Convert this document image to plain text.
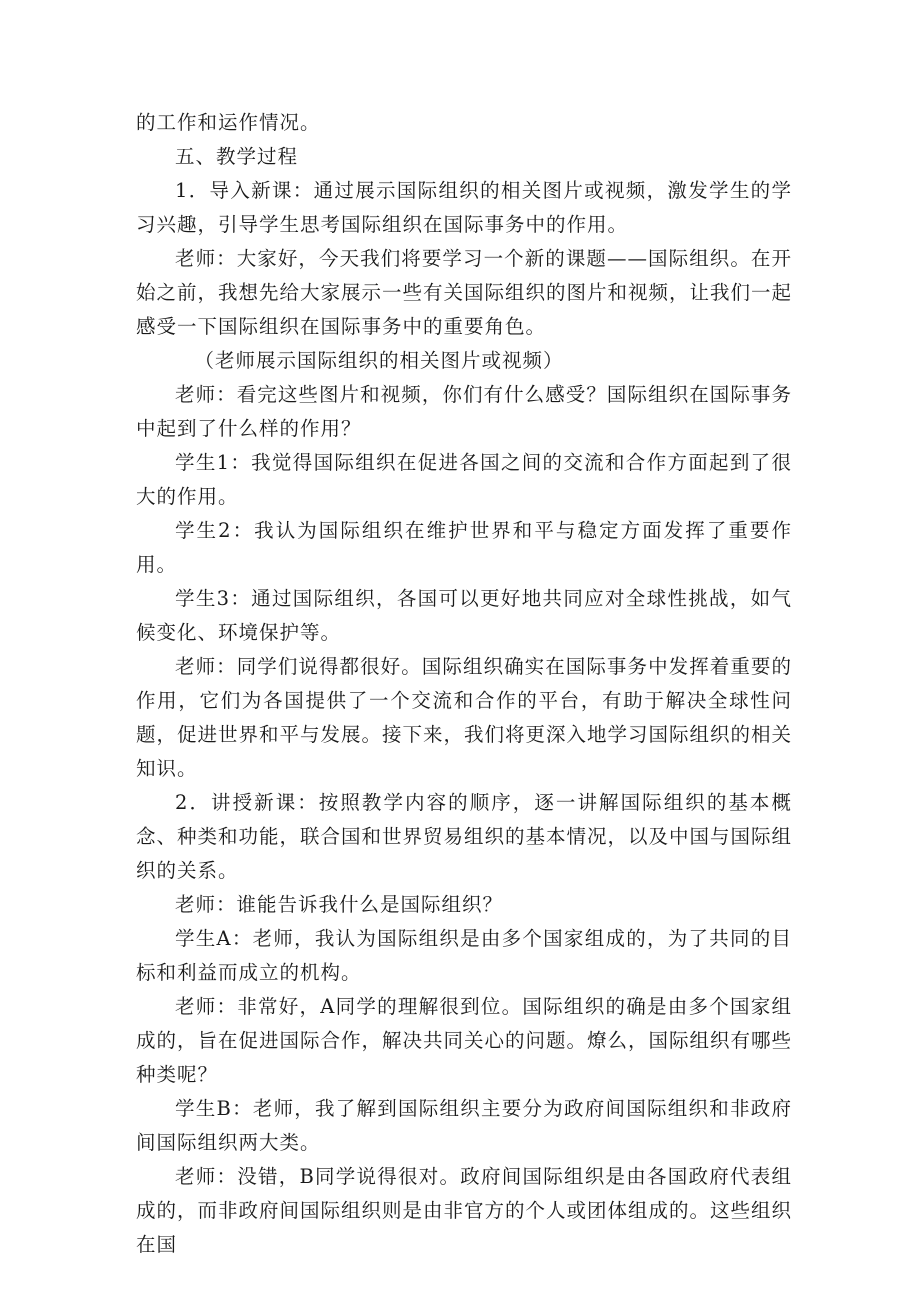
的工作和运作情况。

五、教学过程

1．导入新课：通过展示国际组织的相关图片或视频，激发学生的学习兴趣，引导学生思考国际组织在国际事务中的作用。

老师：大家好，今天我们将要学习一个新的课题——国际组织。在开始之前，我想先给大家展示一些有关国际组织的图片和视频，让我们一起感受一下国际组织在国际事务中的重要角色。

（老师展示国际组织的相关图片或视频）

老师：看完这些图片和视频，你们有什么感受？国际组织在国际事务中起到了什么样的作用？

学生1：我觉得国际组织在促进各国之间的交流和合作方面起到了很大的作用。

学生2：我认为国际组织在维护世界和平与稳定方面发挥了重要作用。

学生3：通过国际组织，各国可以更好地共同应对全球性挑战，如气候变化、环境保护等。

老师：同学们说得都很好。国际组织确实在国际事务中发挥着重要的作用，它们为各国提供了一个交流和合作的平台，有助于解决全球性问题，促进世界和平与发展。接下来，我们将更深入地学习国际组织的相关知识。

2．讲授新课：按照教学内容的顺序，逐一讲解国际组织的基本概念、种类和功能，联合国和世界贸易组织的基本情况，以及中国与国际组织的关系。

老师：谁能告诉我什么是国际组织？

学生A：老师，我认为国际组织是由多个国家组成的，为了共同的目标和利益而成立的机构。

老师：非常好，A同学的理解很到位。国际组织的确是由多个国家组成的，旨在促进国际合作，解决共同关心的问题。燎么，国际组织有哪些种类呢？

学生B：老师，我了解到国际组织主要分为政府间国际组织和非政府间国际组织两大类。

老师：没错，B同学说得很对。政府间国际组织是由各国政府代表组成的，而非政府间国际组织则是由非官方的个人或团体组成的。这些组织在国
